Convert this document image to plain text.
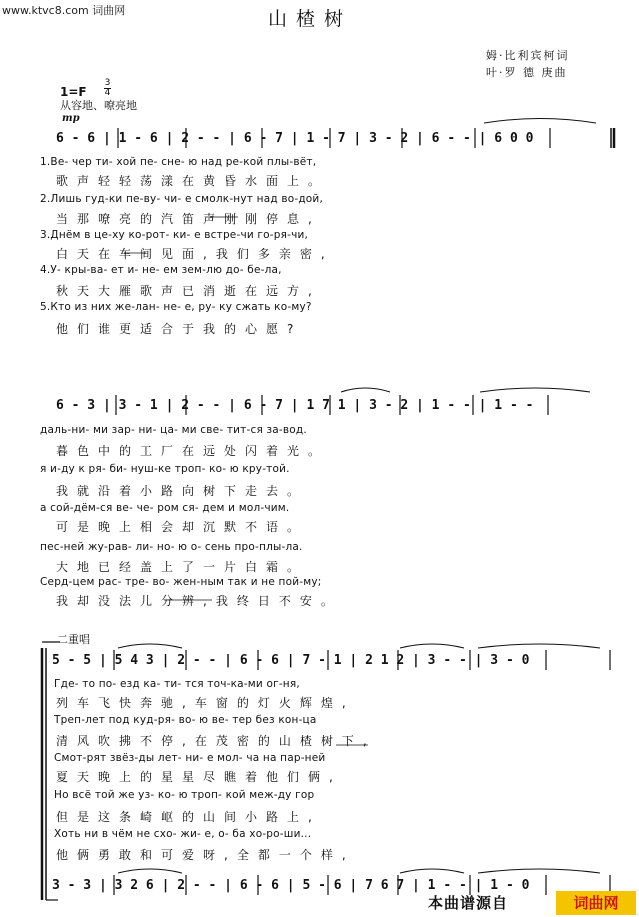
www.ktvc8.com 词曲网	山楂树
姆·比利宾柯词
叶·罗 德 庚曲
1=F
3
4
从容地、嘹亮地
mp
6 - 6 | 1 - 6 | 2 - - | 6 - 7 | 1 - 7 | 3 - 2 | 6 - - | 6 0 0
1.Ве- чер ти- хой пе- сне- ю над ре-кой плы-вёт,
歌声轻轻荡漾在黄昏水面上。
2.Лишь гуд-ки пе-ву- чи- е смолк-нут над во-дой,
当那嘹亮的汽笛声刚刚停息,
3.Днём в це-ху ко-рот- ки- е встре-чи го-ря-чи,
白天在车间见面,我们多亲密,
4.У- кры-ва- ет и- не- ем зем-лю до- бе-ла,
秋天大雁歌声已消逝在远方,
5.Кто из них же-лан- не- е, ру- ку сжать ко-му?
他们谁更适合于我的心愿?
6 - 3 | 3 - 1 | 2 - - | 6 - 7 | 1 7 1 | 3 - 2 | 1 - - | 1 - -
даль-ни- ми зар- ни- ца- ми све- тит-ся за-вод.
暮色中的工厂在远处闪着光。
я и-ду к ря- би- нуш-ке троп- ко- ю кру-той.
我就沿着小路向树下走去。
а сой-дём-ся ве- че- ром ся- дем и мол-чим.
可是晚上相会却沉默不语。
пес-ней жу-рав- ли- но- ю о- сень про-плы-ла.
大地已经盖上了一片白霜。
Серд-цем рас- тре- во- жен-ным так и не пой-му;
我却没法儿分辨,我终日不安。
二重唱
5 - 5 | 5 4 3 | 2 - - | 6 - 6 | 7 - 1 | 2 1 2 | 3 - - | 3 - 0
Где- то по- езд ка- ти- тся точ-ка-ми ог-ня,
列车飞快奔驰,车窗的灯火辉煌,
Треп-лет под куд-ря- во- ю ве- тер без кон-ца
清风吹拂不停,在茂密的山楂树下,
Смот-рят звёз-ды лет- ни- е мол- ча на пар-ней
夏天晚上的星星尽瞧着他们俩,
Но всё той же уз- ко- ю троп- кой меж-ду гор
但是这条崎岖的山间小路上,
Хоть ни в чём не схо- жи- е, о- ба хо-ро-ши...
他俩勇敢和可爱呀,全都一个样,
3 - 3 | 3 2 6 | 2 - - | 6 - 6 | 5 - 6 | 7 6 7 | 1 - - | 1 - 0
本曲谱源自	词曲网
